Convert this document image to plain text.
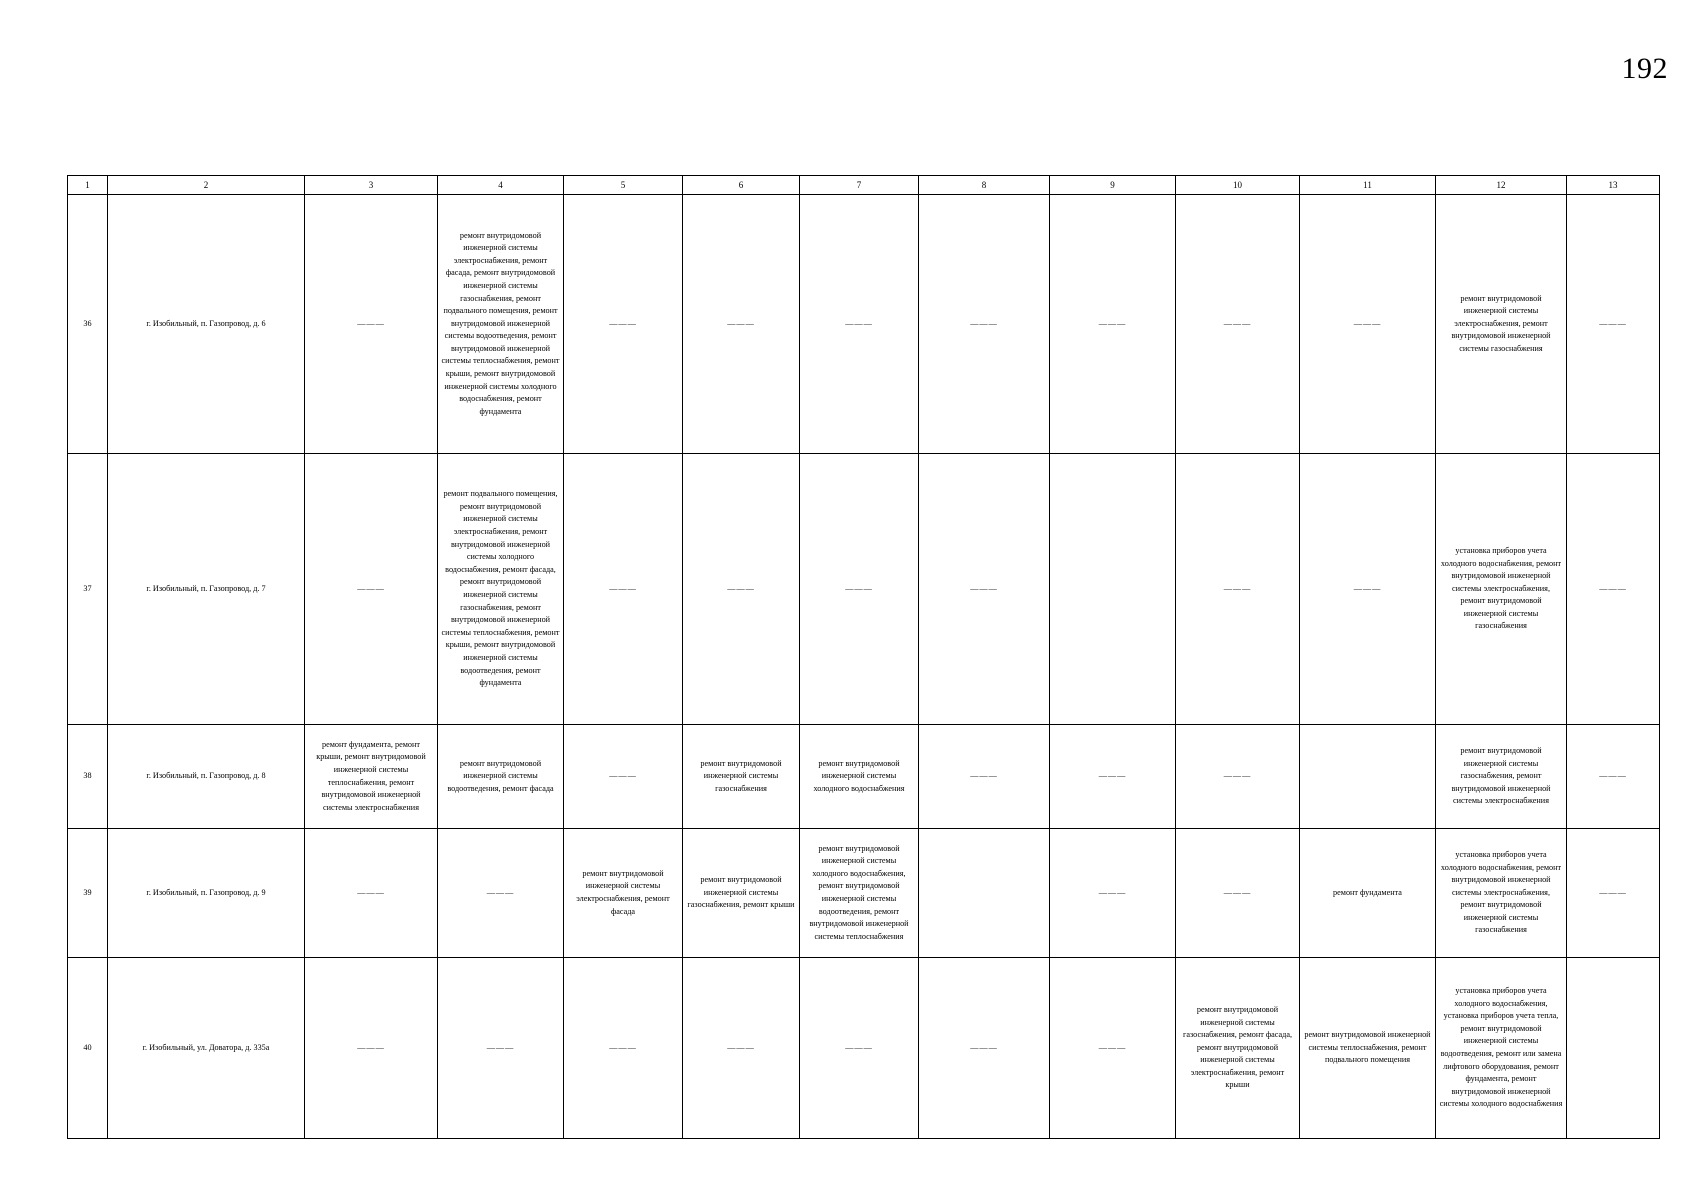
192
1	2	3	4	5	6	7	8	9	10	11	12	13
36	г. Изобильный, п. Газопровод, д. 6	———	ремонт внутридомовой инженерной системы электроснабжения, ремонт фасада, ремонт внутридомовой инженерной системы газоснабжения, ремонт подвального помещения, ремонт внутридомовой инженерной системы водоотведения, ремонт внутридомовой инженерной системы теплоснабжения, ремонт крыши, ремонт внутридомовой инженерной системы холодного водоснабжения, ремонт фундамента	———	———	———	———	———	———	———	ремонт внутридомовой инженерной системы электроснабжения, ремонт внутридомовой инженерной системы газоснабжения	———
37	г. Изобильный, п. Газопровод, д. 7	———	ремонт подвального помещения, ремонт внутридомовой инженерной системы электроснабжения, ремонт внутридомовой инженерной системы холодного водоснабжения, ремонт фасада, ремонт внутридомовой инженерной системы газоснабжения, ремонт внутридомовой инженерной системы теплоснабжения, ремонт крыши, ремонт внутридомовой инженерной системы водоотведения, ремонт фундамента	———	———	———	———		———	———	установка приборов учета холодного водоснабжения, ремонт внутридомовой инженерной системы электроснабжения, ремонт внутридомовой инженерной системы газоснабжения	———
38	г. Изобильный, п. Газопровод, д. 8	ремонт фундамента, ремонт крыши, ремонт внутридомовой инженерной системы теплоснабжения, ремонт внутридомовой инженерной системы электроснабжения	ремонт внутридомовой инженерной системы водоотведения, ремонт фасада	———	ремонт внутридомовой инженерной системы газоснабжения	ремонт внутридомовой инженерной системы холодного водоснабжения	———	———	———		ремонт внутридомовой инженерной системы газоснабжения, ремонт внутридомовой инженерной системы электроснабжения	———
39	г. Изобильный, п. Газопровод, д. 9	———	———	ремонт внутридомовой инженерной системы электроснабжения, ремонт фасада	ремонт внутридомовой инженерной системы газоснабжения, ремонт крыши	ремонт внутридомовой инженерной системы холодного водоснабжения, ремонт внутридомовой инженерной системы водоотведения, ремонт внутридомовой инженерной системы теплоснабжения		———	———	ремонт фундамента	установка приборов учета холодного водоснабжения, ремонт внутридомовой инженерной системы электроснабжения, ремонт внутридомовой инженерной системы газоснабжения	———
40	г. Изобильный, ул. Доватора, д. 335а	———	———	———	———	———	———	———	ремонт внутридомовой инженерной системы газоснабжения, ремонт фасада, ремонт внутридомовой инженерной системы электроснабжения, ремонт крыши	ремонт внутридомовой инженерной системы теплоснабжения, ремонт подвального помещения	установка приборов учета холодного водоснабжения, установка приборов учета тепла, ремонт внутридомовой инженерной системы водоотведения, ремонт или замена лифтового оборудования, ремонт фундамента, ремонт внутридомовой инженерной системы холодного водоснабжения	
